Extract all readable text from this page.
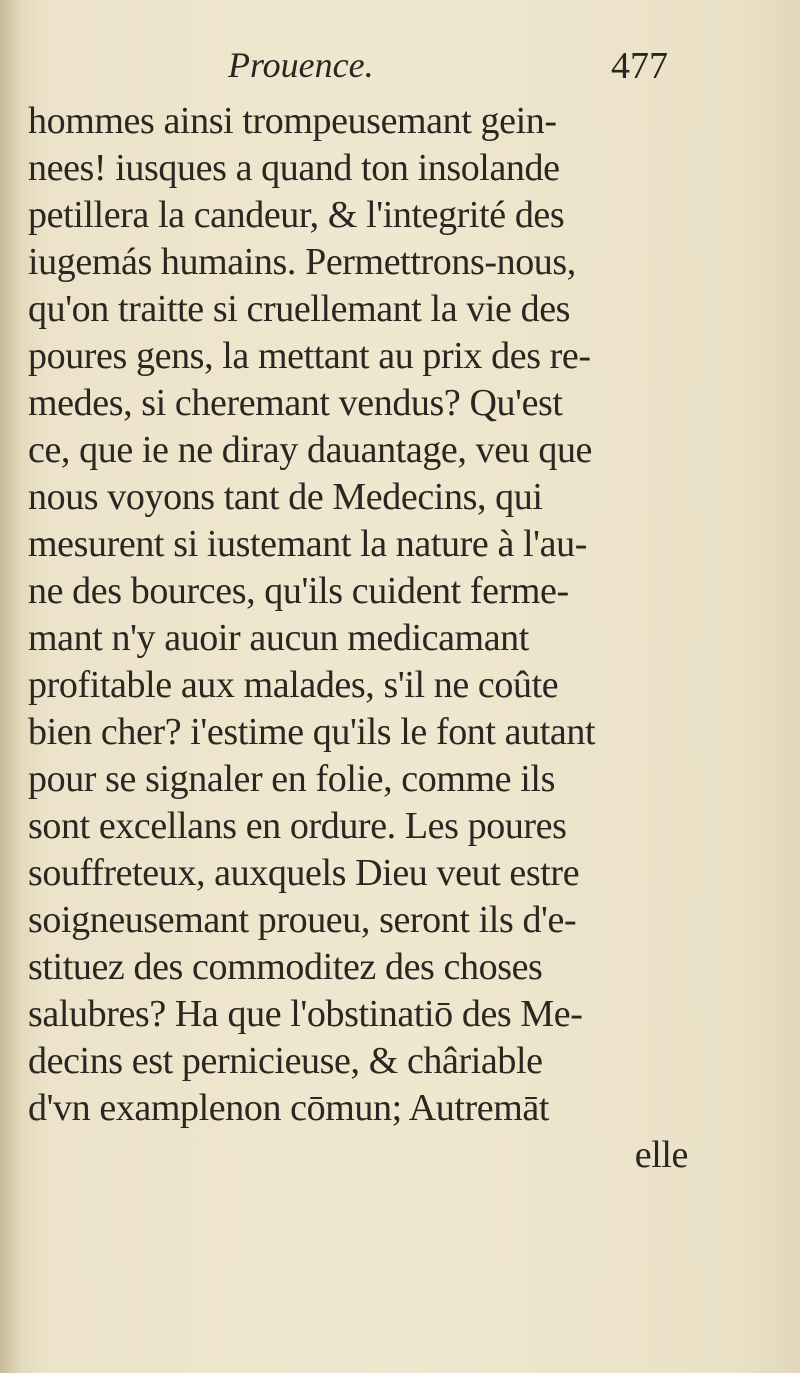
Prouence.	477
hommes ainsi trompeusemant gein-
nees! iusques a quand ton insolande
petillera la candeur, & l'integrité des
iugemás humains. Permettrons-nous,
qu'on traitte si cruellemant la vie des
poures gens, la mettant au prix des re-
medes, si cheremant vendus? Qu'est
ce, que ie ne diray dauantage, veu que
nous voyons tant de Medecins, qui
mesurent si iustemant la nature à l'au-
ne des bources, qu'ils cuident ferme-
mant n'y auoir aucun medicamant
profitable aux malades, s'il ne coûte
bien cher? i'estime qu'ils le font autant
pour se signaler en folie, comme ils
sont excellans en ordure. Les poures
souffreteux, auxquels Dieu veut estre
soigneusemant proueu, seront ils d'e-
stituez des commoditez des choses
salubres? Ha que l'obstinatiō des Me-
decins est pernicieuse, & châriable
d'vn examplenon cōmun; Autremāt
elle
